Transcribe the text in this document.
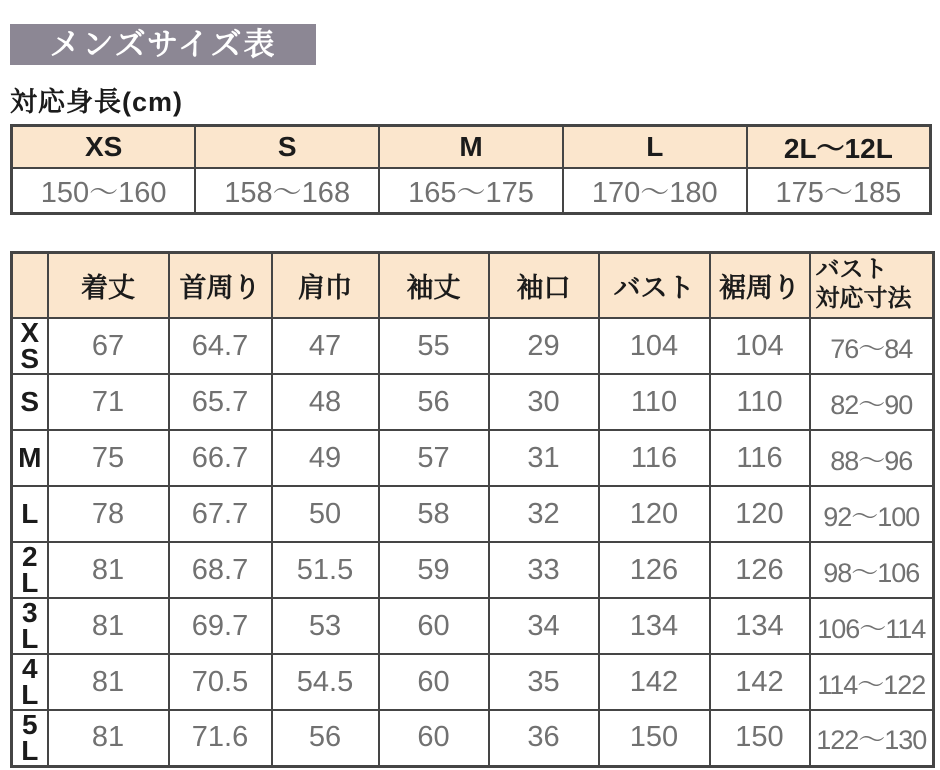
メンズサイズ表
対応身長(cm)
XS	S	M	L	2L〜12L
150〜160	158〜168	165〜175	170〜180	175〜185
	着丈	首周り	肩巾	袖丈	袖口	バスト	裾周り	バスト
対応寸法
XS	67	64.7	47	55	29	104	104	76〜84
S	71	65.7	48	56	30	110	110	82〜90
M	75	66.7	49	57	31	116	116	88〜96
L	78	67.7	50	58	32	120	120	92〜100
2L	81	68.7	51.5	59	33	126	126	98〜106
3L	81	69.7	53	60	34	134	134	106〜114
4L	81	70.5	54.5	60	35	142	142	114〜122
5L	81	71.6	56	60	36	150	150	122〜130
